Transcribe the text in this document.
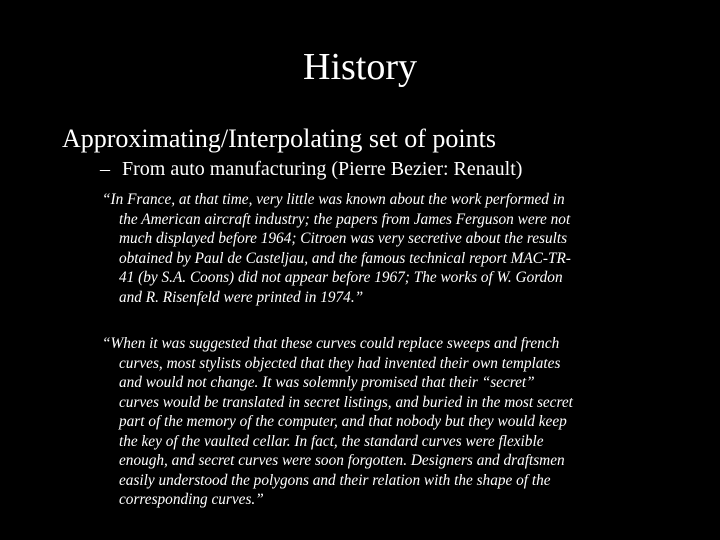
History
Approximating/Interpolating set of points
– From auto manufacturing (Pierre Bezier: Renault)
“In France, at that time, very little was known about the work performed in
the American aircraft industry; the papers from James Ferguson were not
much displayed before 1964; Citroen was very secretive about the results
obtained by Paul de Casteljau, and the famous technical report MAC-TR-
41 (by S.A. Coons) did not appear before 1967; The works of W. Gordon
and R. Risenfeld were printed in 1974.”
“When it was suggested that these curves could replace sweeps and french
curves, most stylists objected that they had invented their own templates
and would not change. It was solemnly promised that their “secret”
curves would be translated in secret listings, and buried in the most secret
part of the memory of the computer, and that nobody but they would keep
the key of the vaulted cellar. In fact, the standard curves were flexible
enough, and secret curves were soon forgotten. Designers and draftsmen
easily understood the polygons and their relation with the shape of the
corresponding curves.”
